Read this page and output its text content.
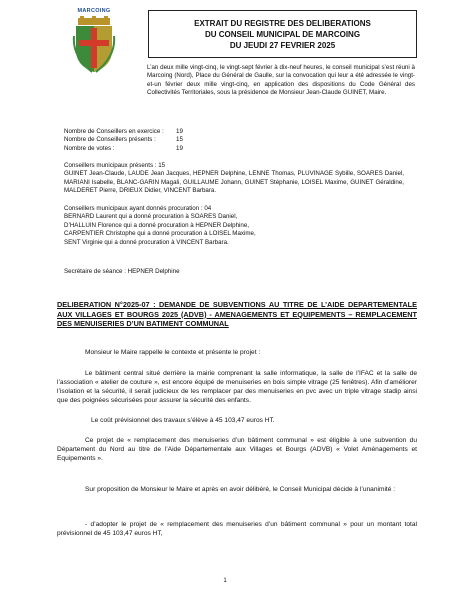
MARCOING
EXTRAIT DU REGISTRE DES DELIBERATIONS
DU CONSEIL MUNICIPAL DE MARCOING
DU JEUDI 27 FEVRIER 2025
L’an deux mille vingt-cinq, le vingt-sept février à dix-neuf heures, le conseil municipal s’est réuni à Marcoing (Nord), Place du Général de Gaulle, sur la convocation qui leur a été adressée le vingt-et-un février deux mille vingt-cinq, en application des dispositions du Code Général des Collectivités Territoriales, sous la présidence de Monsieur Jean-Claude GUINET, Maire.
Nombre de Conseillers en exercice :	19
Nombre de Conseillers présents :	15
Nombre de votes :	19
Conseillers municipaux présents : 15
GUINET Jean-Claude, LAUDE Jean Jacques, HEPNER Delphine, LENNE Thomas, PLUVINAGE Sybille, SOARES Daniel, MARIANI Isabelle, BLANC-GARIN Magali, GUILLAUME Johann, GUINET Stéphanie, LOISEL Maxime, GUINET Géraldine, MALDERET Pierre, DRIEUX Didier, VINCENT Barbara.
Conseillers municipaux ayant donnés procuration : 04
BERNARD Laurent qui a donné procuration à SOARES Daniel,
D’HALLUIN Florence qui a donné procuration à HEPNER Delphine,
CARPENTIER Christophe qui a donné procuration à LOISEL Maxime,
SENT Virginie qui a donné procuration à VINCENT Barbara.
Secrétaire de séance : HEPNER Delphine
DELIBERATION N°2025-07 : DEMANDE DE SUBVENTIONS AU TITRE DE L’AIDE DEPARTEMENTALE AUX VILLAGES ET BOURGS 2025 (ADVB) - AMENAGEMENTS ET EQUIPEMENTS – REMPLACEMENT DES MENUISERIES D’UN BATIMENT COMMUNAL
Monsieur le Maire rappelle le contexte et présente le projet :
Le bâtiment central situé derrière la mairie comprenant la salle informatique, la salle de l’IFAC et la salle de l’association « atelier de couture », est encore équipé de menuiseries en bois simple vitrage (25 fenêtres). Afin d’améliorer l’isolation et la sécurité, il serait judicieux de les remplacer par des menuiseries en pvc avec un triple vitrage stadip ainsi que des poignées sécurisées pour assurer la sécurité des enfants.
Le coût prévisionnel des travaux s’élève à 45 103,47 euros HT.
Ce projet de « remplacement des menuiseries d’un bâtiment communal » est éligible à une subvention du Département du Nord au titre de l’Aide Départementale aux Villages et Bourgs (ADVB) « Volet Aménagements et Equipements ».
Sur proposition de Monsieur le Maire et après en avoir délibéré, le Conseil Municipal décide à l’unanimité :
- d’adopter le projet de « remplacement des menuiseries d’un bâtiment communal » pour un montant total prévisionnel de 45 103,47 euros HT,
1
